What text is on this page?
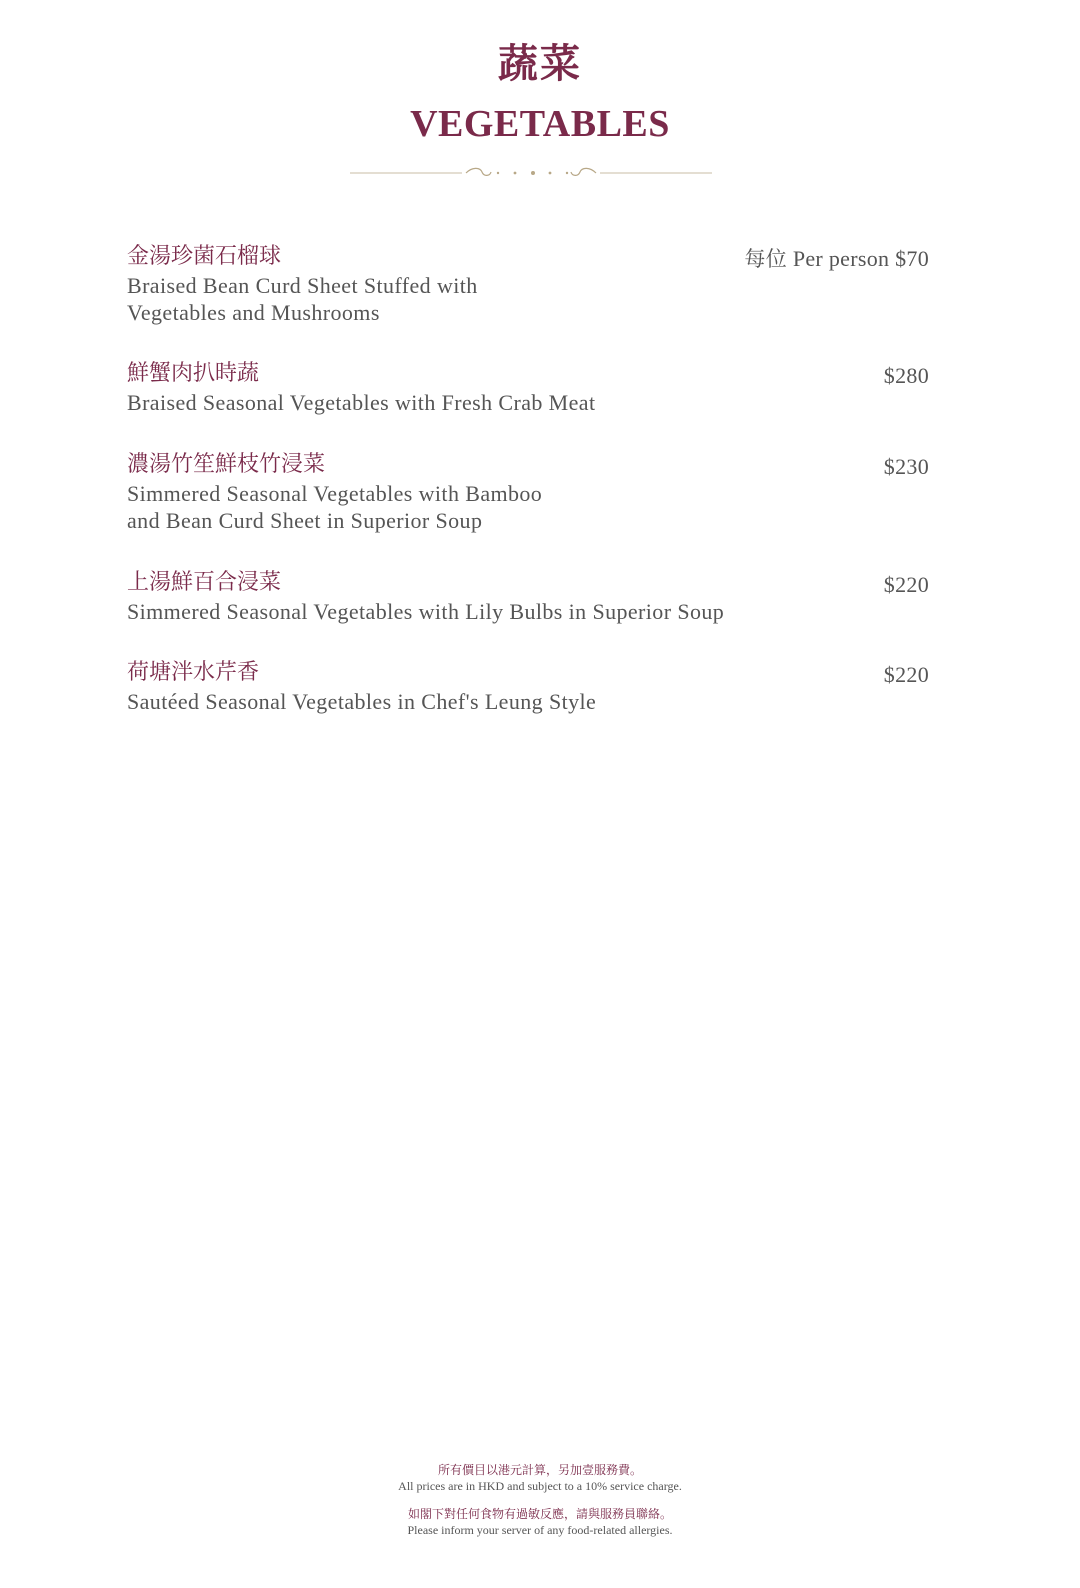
蔬菜
VEGETABLES
金湯珍菌石榴球
Braised Bean Curd Sheet Stuffed with
Vegetables and Mushrooms
每位 Per person $70
鮮蟹肉扒時蔬
Braised Seasonal Vegetables with Fresh Crab Meat
$280
濃湯竹笙鮮枝竹浸菜
Simmered Seasonal Vegetables with Bamboo
and Bean Curd Sheet in Superior Soup
$230
上湯鮮百合浸菜
Simmered Seasonal Vegetables with Lily Bulbs in Superior Soup
$220
荷塘泮水芹香
Sautéed Seasonal Vegetables in Chef's Leung Style
$220
所有價目以港元計算，另加壹服務費。
All prices are in HKD and subject to a 10% service charge.
如閣下對任何食物有過敏反應，請與服務員聯絡。
Please inform your server of any food-related allergies.
